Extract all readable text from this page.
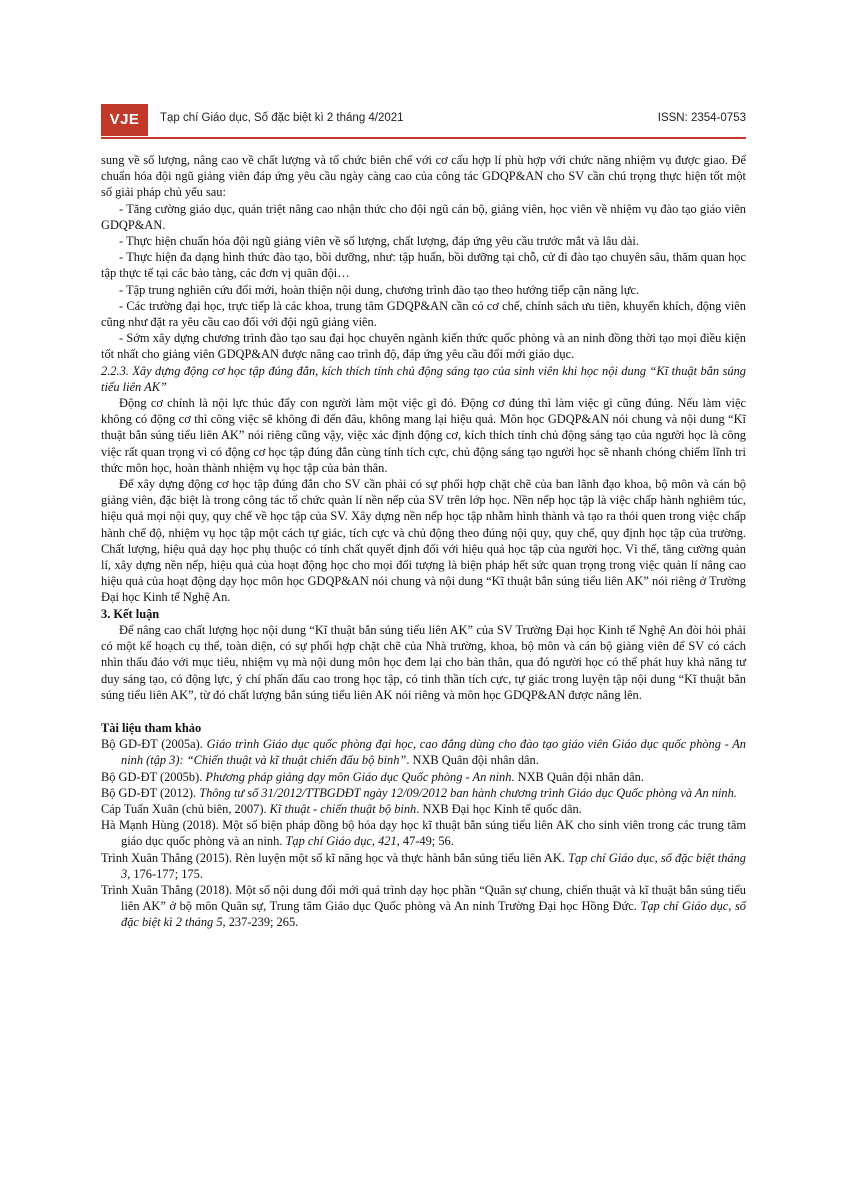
VJE	Tạp chí Giáo dục, Số đặc biệt kì 2 tháng 4/2021	ISSN: 2354-0753

sung về số lượng, nâng cao về chất lượng và tổ chức biên chế với cơ cấu hợp lí phù hợp với chức năng nhiệm vụ được giao. Để chuẩn hóa đội ngũ giảng viên đáp ứng yêu cầu ngày càng cao của công tác GDQP&AN cho SV cần chú trọng thực hiện tốt một số giải pháp chủ yếu sau:

- Tăng cường giáo dục, quán triệt nâng cao nhận thức cho đội ngũ cán bộ, giảng viên, học viên về nhiệm vụ đào tạo giáo viên GDQP&AN.

- Thực hiện chuẩn hóa đội ngũ giảng viên về số lượng, chất lượng, đáp ứng yêu cầu trước mắt và lâu dài.

- Thực hiện đa dạng hình thức đào tạo, bồi dưỡng, như: tập huấn, bồi dưỡng tại chỗ, cử đi đào tạo chuyên sâu, thăm quan học tập thực tế tại các bảo tàng, các đơn vị quân đội…

- Tập trung nghiên cứu đổi mới, hoàn thiện nội dung, chương trình đào tạo theo hướng tiếp cận năng lực.

- Các trường đại học, trực tiếp là các khoa, trung tâm GDQP&AN cần có cơ chế, chính sách ưu tiên, khuyến khích, động viên cũng như đặt ra yêu cầu cao đối với đội ngũ giảng viên.

- Sớm xây dựng chương trình đào tạo sau đại học chuyên ngành kiến thức quốc phòng và an ninh đồng thời tạo mọi điều kiện tốt nhất cho giảng viên GDQP&AN được nâng cao trình độ, đáp ứng yêu cầu đổi mới giáo dục.

2.2.3. Xây dựng động cơ học tập đúng đắn, kích thích tính chủ động sáng tạo của sinh viên khi học nội dung “Kĩ thuật bắn súng tiểu liên AK”

Động cơ chính là nội lực thúc đẩy con người làm một việc gì đó. Động cơ đúng thì làm việc gì cũng đúng. Nếu làm việc không có động cơ thì công việc sẽ không đi đến đâu, không mang lại hiệu quả. Môn học GDQP&AN nói chung và nội dung “Kĩ thuật bắn súng tiểu liên AK” nói riêng cũng vậy, việc xác định động cơ, kích thích tính chủ động sáng tạo của người học là công việc rất quan trọng vì có động cơ học tập đúng đắn cùng tính tích cực, chủ động sáng tạo người học sẽ nhanh chóng chiếm lĩnh tri thức môn học, hoàn thành nhiệm vụ học tập của bản thân.

Để xây dựng động cơ học tập đúng đắn cho SV cần phải có sự phối hợp chặt chẽ của ban lãnh đạo khoa, bộ môn và cán bộ giảng viên, đặc biệt là trong công tác tổ chức quản lí nền nếp của SV trên lớp học. Nền nếp học tập là việc chấp hành nghiêm túc, hiệu quả mọi nội quy, quy chế về học tập của SV. Xây dựng nền nếp học tập nhằm hình thành và tạo ra thói quen trong việc chấp hành chế độ, nhiệm vụ học tập một cách tự giác, tích cực và chủ động theo đúng nội quy, quy chế, quy định học tập của trường. Chất lượng, hiệu quả dạy học phụ thuộc có tính chất quyết định đối với hiệu quả học tập của người học. Vì thế, tăng cường quản lí, xây dựng nền nếp, hiệu quả của hoạt động học cho mọi đối tượng là biện pháp hết sức quan trọng trong việc quản lí nâng cao hiệu quả của hoạt động dạy học môn học GDQP&AN nói chung và nội dung “Kĩ thuật bắn súng tiểu liên AK” nói riêng ở Trường Đại học Kinh tế Nghệ An.

3. Kết luận

Để nâng cao chất lượng học nội dung “Kĩ thuật bắn súng tiểu liên AK” của SV Trường Đại học Kinh tế Nghệ An đòi hỏi phải có một kế hoạch cụ thể, toàn diện, có sự phối hợp chặt chẽ của Nhà trường, khoa, bộ môn và cán bộ giảng viên để SV có cách nhìn thấu đáo với mục tiêu, nhiệm vụ mà nội dung môn học đem lại cho bản thân, qua đó người học có thể phát huy khả năng tư duy sáng tạo, có động lực, ý chí phấn đấu cao trong học tập, có tinh thần tích cực, tự giác trong luyện tập nội dung “Kĩ thuật bắn súng tiểu liên AK”, từ đó chất lượng bắn súng tiểu liên AK nói riêng và môn học GDQP&AN được nâng lên.

Tài liệu tham khảo

Bộ GD-ĐT (2005a). Giáo trình Giáo dục quốc phòng đại học, cao đẳng dùng cho đào tạo giáo viên Giáo dục quốc phòng - An ninh (tập 3): “Chiến thuật và kĩ thuật chiến đấu bộ binh”. NXB Quân đội nhân dân.

Bộ GD-ĐT (2005b). Phương pháp giảng dạy môn Giáo dục Quốc phòng - An ninh. NXB Quân đội nhân dân.

Bộ GD-ĐT (2012). Thông tư số 31/2012/TTBGDĐT ngày 12/09/2012 ban hành chương trình Giáo dục Quốc phòng và An ninh.

Cáp Tuấn Xuân (chủ biên, 2007). Kĩ thuật - chiến thuật bộ binh. NXB Đại học Kinh tế quốc dân.

Hà Mạnh Hùng (2018). Một số biện pháp đồng bộ hóa dạy học kĩ thuật bắn súng tiểu liên AK cho sinh viên trong các trung tâm giáo dục quốc phòng và an ninh. Tạp chí Giáo dục, 421, 47-49; 56.

Trình Xuân Thắng (2015). Rèn luyện một số kĩ năng học và thực hành bắn súng tiểu liên AK. Tạp chí Giáo dục, số đặc biệt tháng 3, 176-177; 175.

Trình Xuân Thắng (2018). Một số nội dung đổi mới quá trình dạy học phần “Quân sự chung, chiến thuật và kĩ thuật bắn súng tiểu liên AK” ở bộ môn Quân sự, Trung tâm Giáo dục Quốc phòng và An ninh Trường Đại học Hồng Đức. Tạp chí Giáo dục, số đặc biệt kì 2 tháng 5, 237-239; 265.
